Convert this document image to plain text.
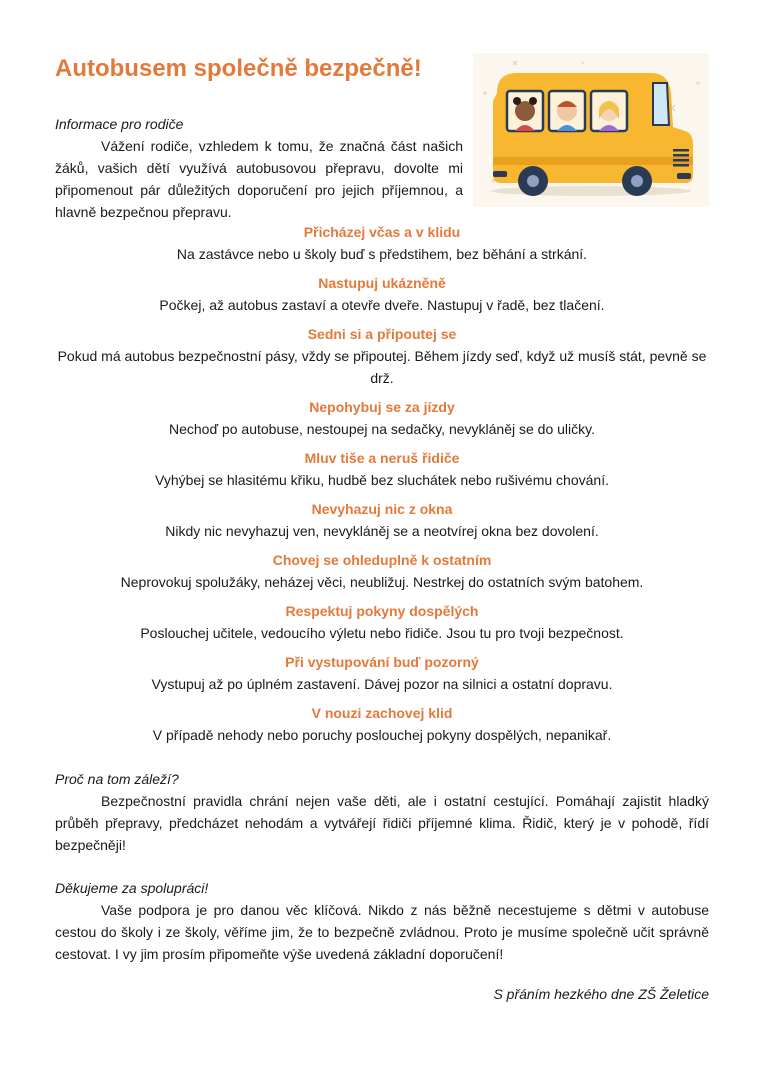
Autobusem společně bezpečně!
Informace pro rodiče

Vážení rodiče, vzhledem k tomu, že značná část našich žáků, vašich dětí využívá autobusovou přepravu, dovolte mi připomenout pár důležitých doporučení pro jejich příjemnou, a hlavně bezpečnou přepravu.

Přicházej včas a v klidu
Na zastávce nebo u školy buď s předstihem, bez běhání a strkání.
Nastupuj ukázněně
Počkej, až autobus zastaví a otevře dveře. Nastupuj v řadě, bez tlačení.
Sedni si a připoutej se
Pokud má autobus bezpečnostní pásy, vždy se připoutej. Během jízdy seď, když už musíš stát, pevně se drž.
Nepohybuj se za jízdy
Nechoď po autobuse, nestoupej na sedačky, nevykláněj se do uličky.
Mluv tiše a neruš řidiče
Vyhýbej se hlasitému křiku, hudbě bez sluchátek nebo rušivému chování.
Nevyhazuj nic z okna
Nikdy nic nevyhazuj ven, nevykláněj se a neotvírej okna bez dovolení.
Chovej se ohleduplně k ostatním
Neprovokuj spolužáky, neházej věci, neubližuj. Nestrkej do ostatních svým batohem.
Respektuj pokyny dospělých
Poslouchej učitele, vedoucího výletu nebo řidiče. Jsou tu pro tvoji bezpečnost.
Při vystupování buď pozorný
Vystupuj až po úplném zastavení. Dávej pozor na silnici a ostatní dopravu.
V nouzi zachovej klid
V případě nehody nebo poruchy poslouchej pokyny dospělých, nepanikař.
Proč na tom záleží?

Bezpečnostní pravidla chrání nejen vaše děti, ale i ostatní cestující. Pomáhají zajistit hladký průběh přepravy, předcházet nehodám a vytvářejí řidiči příjemné klima. Řidič, který je v pohodě, řídí bezpečněji!

Děkujeme za spolupráci!

Vaše podpora je pro danou věc klíčová. Nikdo z nás běžně necestujeme s dětmi v autobuse cestou do školy i ze školy, věříme jim, že to bezpečně zvládnou. Proto je musíme společně učit správně cestovat. I vy jim prosím připomeňte výše uvedená základní doporučení!

S přáním hezkého dne ZŠ Želetice
